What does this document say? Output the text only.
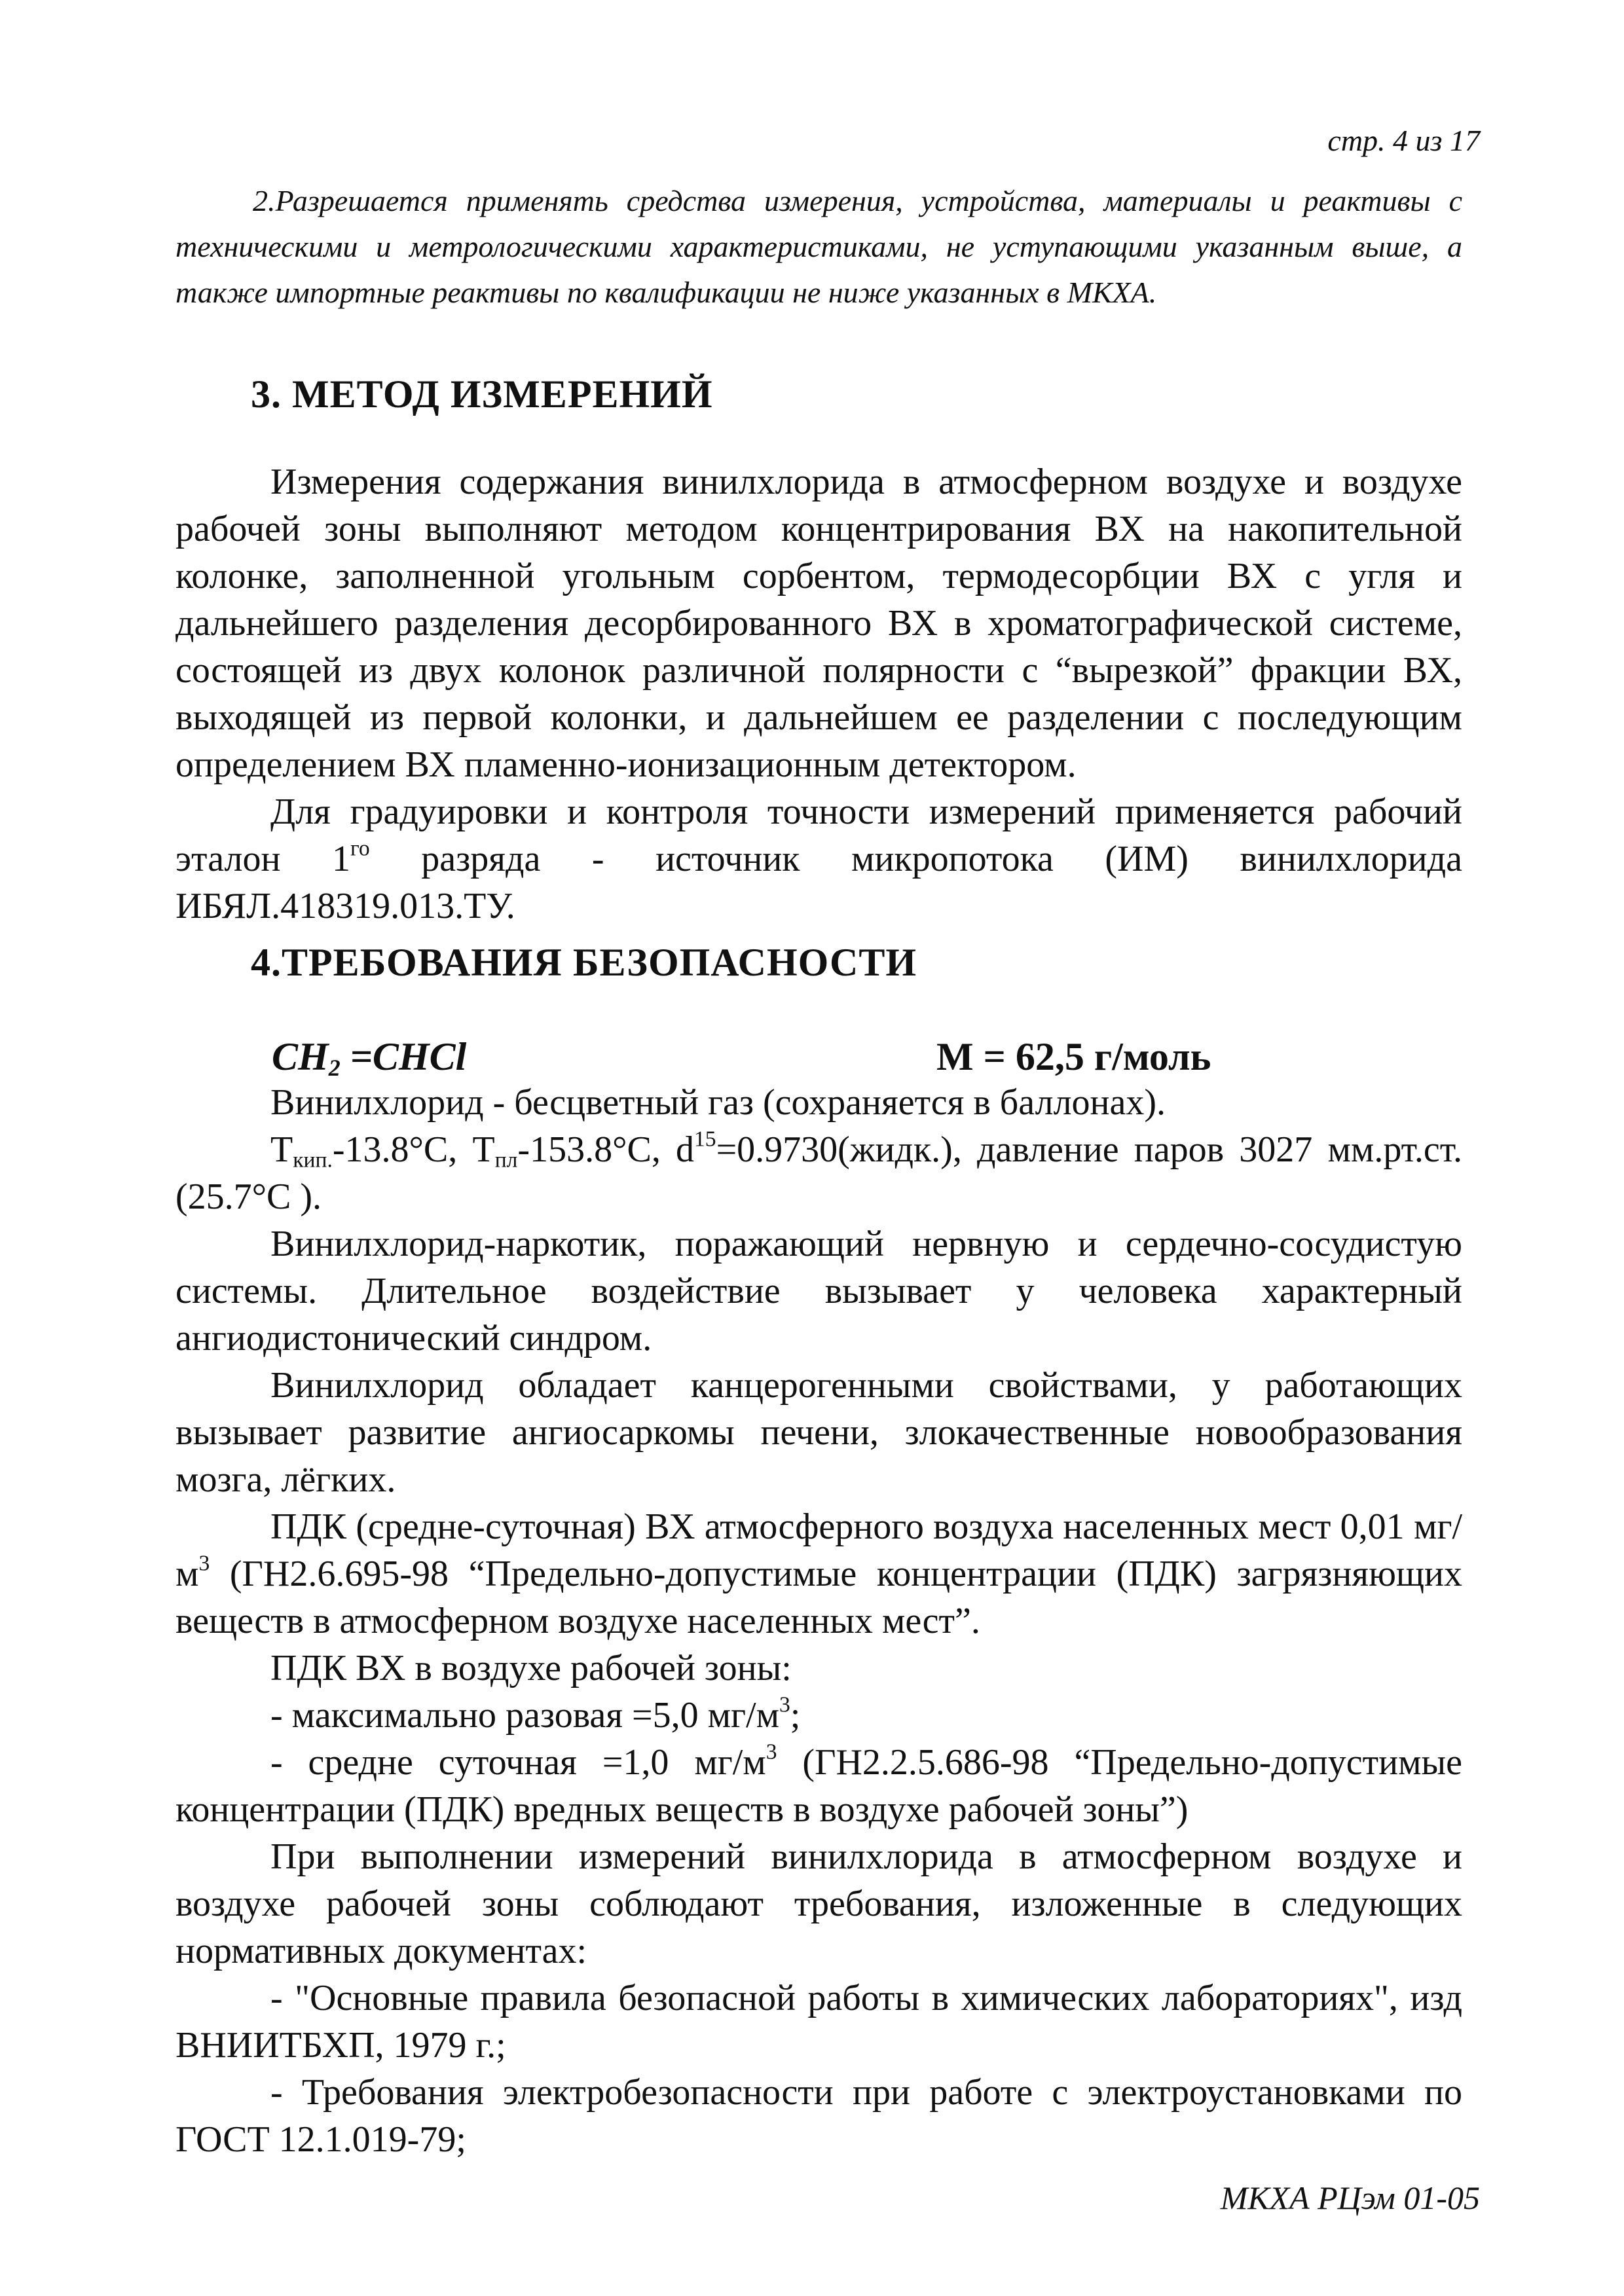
стр. 4 из 17

2.Разрешается применять средства измерения, устройства, материалы и реактивы с техническими и метрологическими характеристиками, не уступающими указанным выше, а также импортные реактивы по квалификации не ниже указанных в МКХА.

3. МЕТОД ИЗМЕРЕНИЙ

Измерения содержания винилхлорида в атмосферном воздухе и воздухе рабочей зоны выполняют методом концентрирования ВХ на накопительной колонке, заполненной угольным сорбентом, термодесорбции ВХ с угля и дальнейшего разделения десорбированного ВХ в хроматографической системе, состоящей из двух колонок различной полярности с “вырезкой” фракции ВХ, выходящей из первой колонки, и дальнейшем ее разделении с последующим определением ВХ пламенно-ионизационным детектором.

Для градуировки и контроля точности измерений применяется рабочий эталон $1^{го}$ разряда - источник микропотока (ИМ) винилхлорида ИБЯЛ.418319.013.ТУ.

4.ТРЕБОВАНИЯ БЕЗОПАСНОСТИ
$CH_2$ =CHCl	М = 62,5 г/моль

Винилхлорид - бесцветный газ (сохраняется в баллонах).

$Т_{кип.}-13.8^\circ С$, $Т_{пл}-153.8^\circ С$, $d^{15}=0.9730(жидк.)$, давление паров 3027 мм.рт.ст. (25.7°С ).

Винилхлорид-наркотик, поражающий нервную и сердечно-сосудистую системы. Длительное воздействие вызывает у человека характерный ангиодистонический синдром.

Винилхлорид обладает канцерогенными свойствами, у работающих вызывает развитие ангиосаркомы печени, злокачественные новообразования мозга, лёгких.

ПДК (средне-суточная) ВХ атмосферного воздуха населенных мест 0,01 $мг/м^3$ (ГН2.6.695-98 “Предельно-допустимые концентрации (ПДК) загрязняющих веществ в атмосферном воздухе населенных мест”.

ПДК ВХ в воздухе рабочей зоны:

- максимально разовая =5,0 $мг/м^3$;

- средне суточная =1,0 $мг/м^3$ (ГН2.2.5.686-98 “Предельно-допустимые концентрации (ПДК) вредных веществ в воздухе рабочей зоны”)

При выполнении измерений винилхлорида в атмосферном воздухе и воздухе рабочей зоны соблюдают требования, изложенные в следующих нормативных документах:

- "Основные правила безопасной работы в химических лабораториях", изд ВНИИТБХП, 1979 г.;

- Требования электробезопасности при работе с электроустановками по ГОСТ 12.1.019-79;

МКХА РЦэм 01-05
